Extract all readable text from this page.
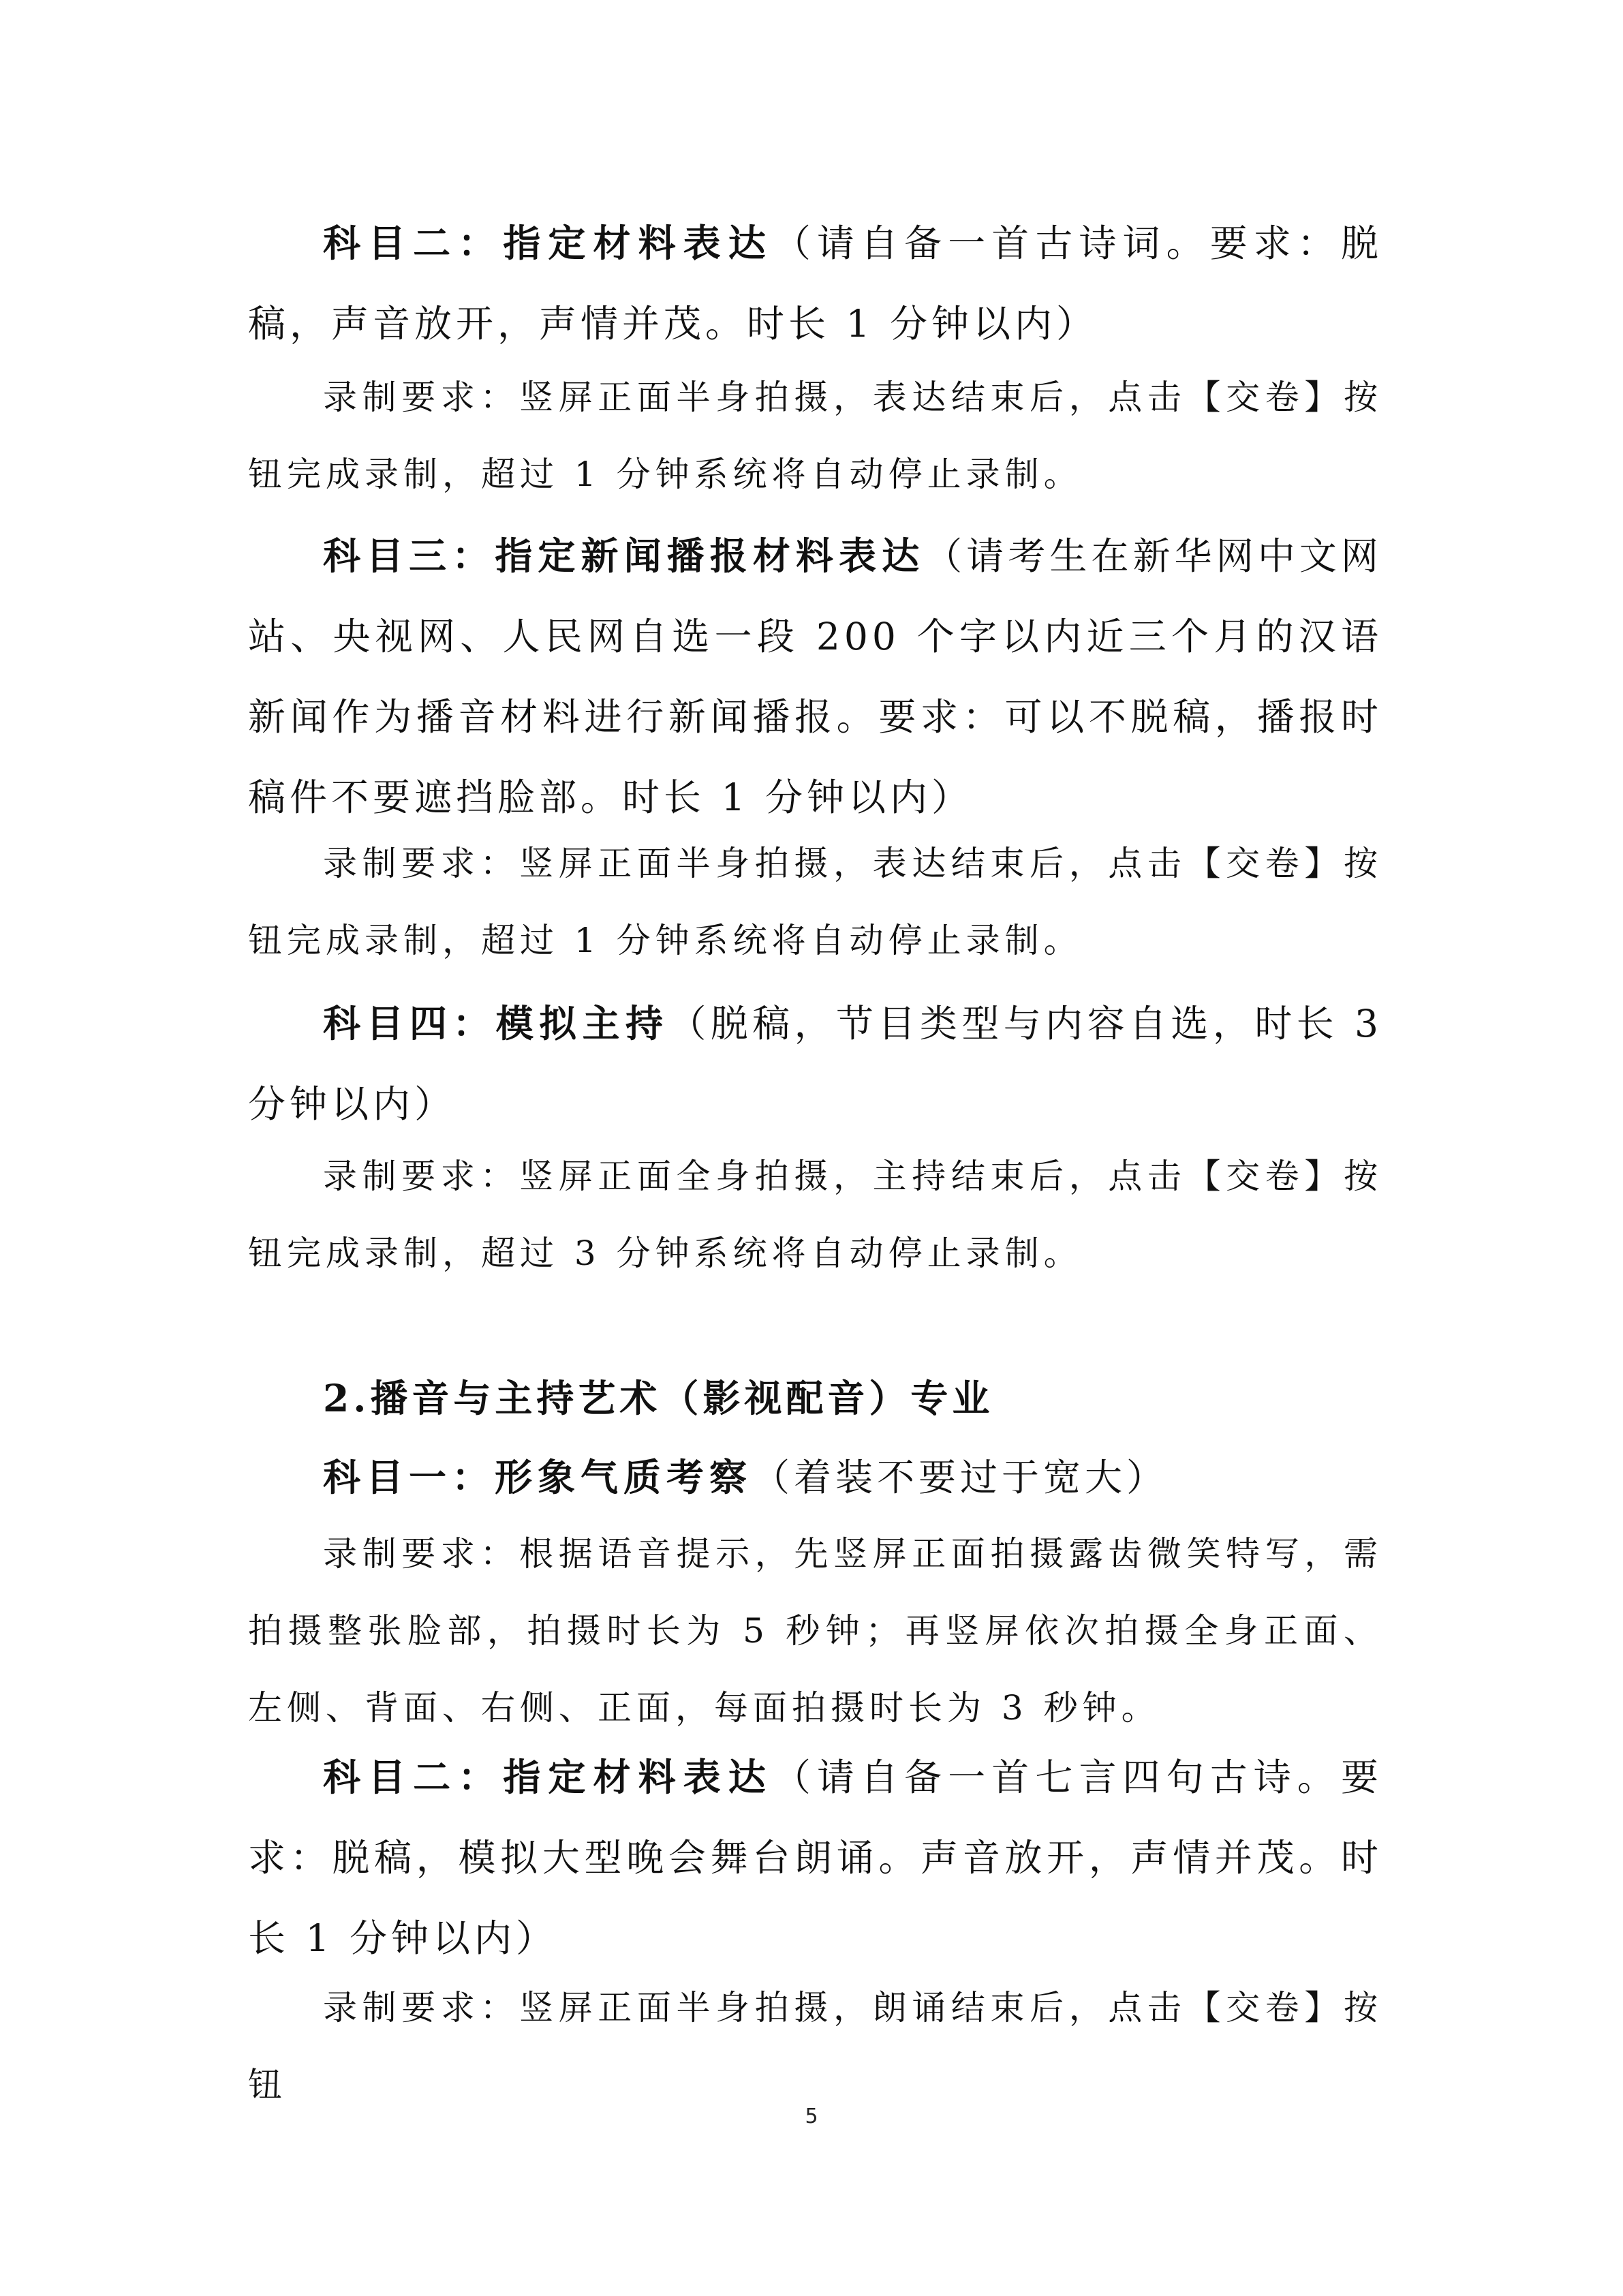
科目二：指定材料表达（请自备一首古诗词。要求：脱稿，声音放开，声情并茂。时长 1 分钟以内）

录制要求：竖屏正面半身拍摄，表达结束后，点击【交卷】按钮完成录制，超过 1 分钟系统将自动停止录制。

科目三：指定新闻播报材料表达（请考生在新华网中文网站、央视网、人民网自选一段 200 个字以内近三个月的汉语新闻作为播音材料进行新闻播报。要求：可以不脱稿，播报时稿件不要遮挡脸部。时长 1 分钟以内）

录制要求：竖屏正面半身拍摄，表达结束后，点击【交卷】按钮完成录制，超过 1 分钟系统将自动停止录制。

科目四：模拟主持（脱稿，节目类型与内容自选，时长 3 分钟以内）

录制要求：竖屏正面全身拍摄，主持结束后，点击【交卷】按钮完成录制，超过 3 分钟系统将自动停止录制。

2.播音与主持艺术（影视配音）专业

科目一：形象气质考察（着装不要过于宽大）

录制要求：根据语音提示，先竖屏正面拍摄露齿微笑特写，需拍摄整张脸部，拍摄时长为 5 秒钟；再竖屏依次拍摄全身正面、左侧、背面、右侧、正面，每面拍摄时长为 3 秒钟。

科目二：指定材料表达（请自备一首七言四句古诗。要求：脱稿，模拟大型晚会舞台朗诵。声音放开，声情并茂。时长 1 分钟以内）

录制要求：竖屏正面半身拍摄，朗诵结束后，点击【交卷】按钮

5
